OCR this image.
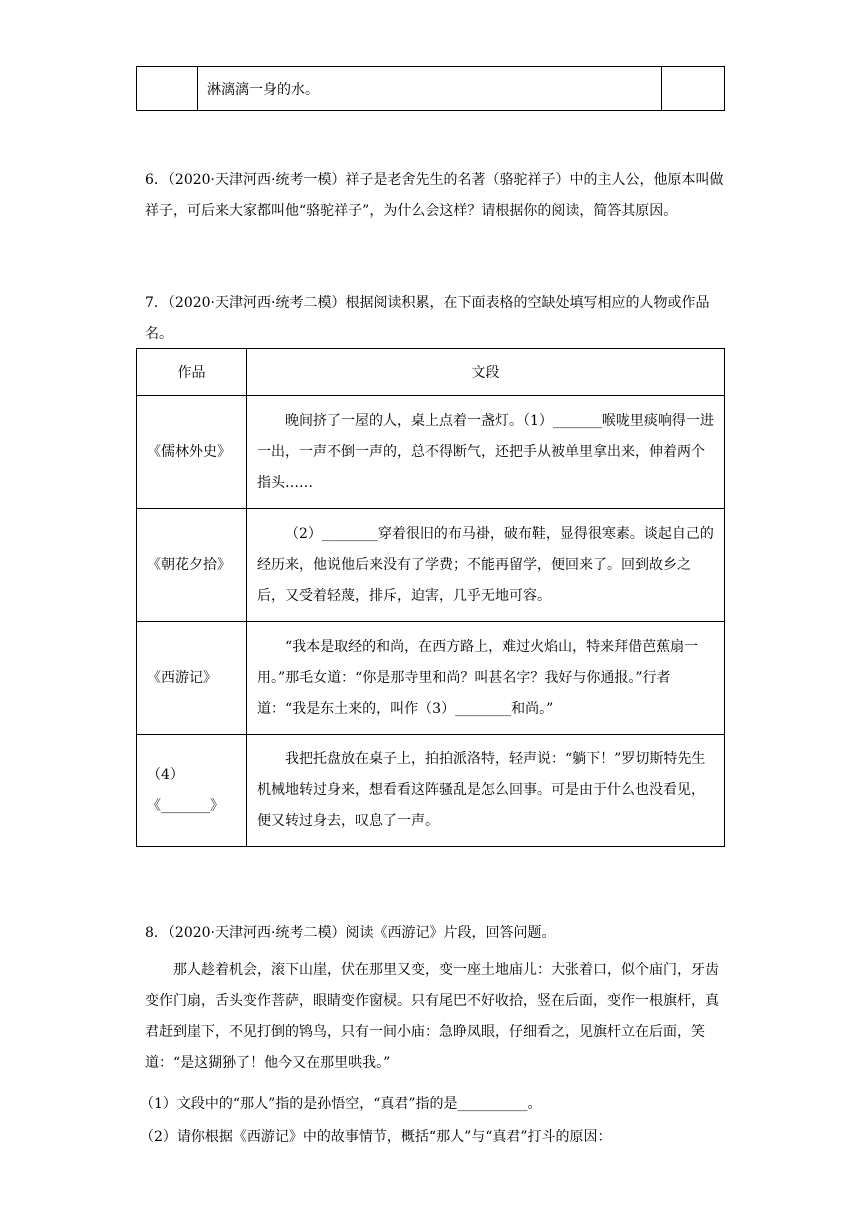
	淋漓漓一身的水。	

6．（2020·天津河西·统考一模）祥子是老舍先生的名著（骆驼祥子）中的主人公，他原本叫做祥子，可后来大家都叫他“骆驼祥子”，为什么会这样？请根据你的阅读，简答其原因。

7．（2020·天津河西·统考二模）根据阅读积累，在下面表格的空缺处填写相应的人物或作品名。

作品	文段
《儒林外史》	晚间挤了一屋的人，桌上点着一盏灯。（1）_______喉咙里痰响得一进一出，一声不倒一声的，总不得断气，还把手从被单里拿出来，伸着两个指头……

《朝花夕拾》	（2）________穿着很旧的布马褂，破布鞋，显得很寒素。谈起自己的经历来，他说他后来没有了学费；不能再留学，便回来了。回到故乡之后，又受着轻蔑，排斥，迫害，几乎无地可容。

《西游记》	“我本是取经的和尚，在西方路上，难过火焰山，特来拜借芭蕉扇一用。”那毛女道：“你是那寺里和尚？叫甚名字？我好与你通报。”行者道：“我是东土来的，叫作（3）________和尚。”

（4）
《_______》	我把托盘放在桌子上，拍拍派洛特，轻声说：“躺下！”罗切斯特先生机械地转过身来，想看看这阵骚乱是怎么回事。可是由于什么也没看见，便又转过身去，叹息了一声。

8．（2020·天津河西·统考二模）阅读《西游记》片段，回答问题。

那人趁着机会，滚下山崖，伏在那里又变，变一座土地庙儿：大张着口，似个庙门，牙齿变作门扇，舌头变作菩萨，眼睛变作窗棂。只有尾巴不好收拾，竖在后面，变作一根旗杆，真君赶到崖下，不见打倒的鸨鸟，只有一间小庙：急睁凤眼，仔细看之，见旗杆立在后面，笑道：“是这猢狲了！他今又在那里哄我。”

（1）文段中的“那人”指的是孙悟空，“真君”指的是__________。

（2）请你根据《西游记》中的故事情节，概括“那人”与“真君”打斗的原因：
